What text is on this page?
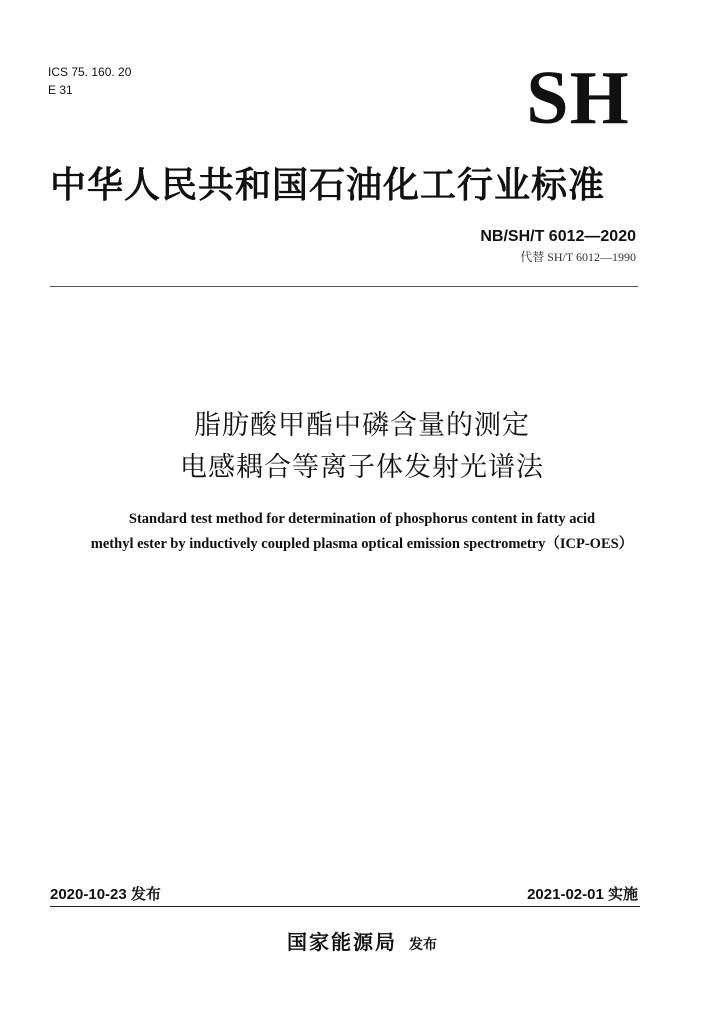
ICS 75. 160. 20
E 31	SH
中华人民共和国石油化工行业标准
NB/SH/T 6012—2020
代替 SH/T 6012—1990
脂肪酸甲酯中磷含量的测定
电感耦合等离子体发射光谱法
Standard test method for determination of phosphorus content in fatty acid
methyl ester by inductively coupled plasma optical emission spectrometry（ICP-OES）
2020-10-23 发布	2021-02-01 实施
国家能源局 发布
